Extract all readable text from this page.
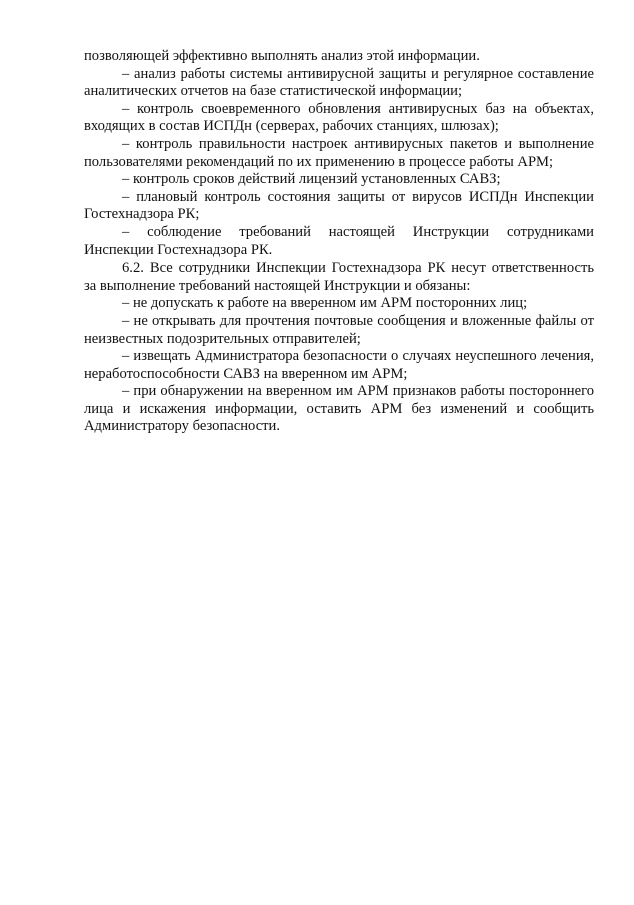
позволяющей эффективно выполнять анализ этой информации.

– анализ работы системы антивирусной защиты и регулярное составление аналитических отчетов на базе статистической информации;

– контроль своевременного обновления антивирусных баз на объектах, входящих в состав ИСПДн (серверах, рабочих станциях, шлюзах);

– контроль правильности настроек антивирусных пакетов и выполнение пользователями рекомендаций по их применению в процессе работы АРМ;

– контроль сроков действий лицензий установленных САВЗ;

– плановый контроль состояния защиты от вирусов ИСПДн Инспекции Гостехнадзора РК;

– соблюдение требований настоящей Инструкции сотрудниками Инспекции Гостехнадзора РК.

6.2. Все сотрудники Инспекции Гостехнадзора РК несут ответственность за выполнение требований настоящей Инструкции и обязаны:

– не допускать к работе на вверенном им АРМ посторонних лиц;

– не открывать для прочтения почтовые сообщения и вложенные файлы от неизвестных подозрительных отправителей;

– извещать Администратора безопасности о случаях неуспешного лечения, неработоспособности САВЗ на вверенном им АРМ;

– при обнаружении на вверенном им АРМ признаков работы постороннего лица и искажения информации, оставить АРМ без изменений и сообщить Администратору безопасности.
